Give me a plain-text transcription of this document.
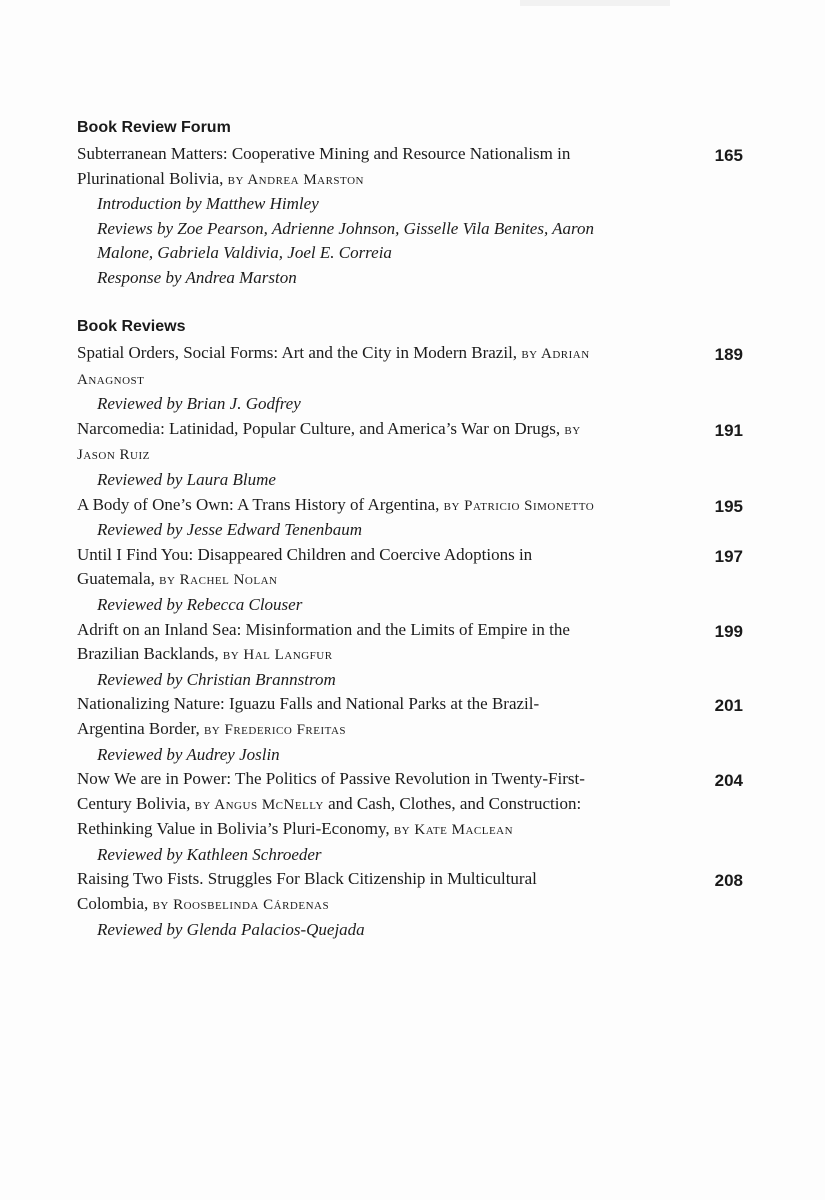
Book Review Forum
Subterranean Matters: Cooperative Mining and Resource Nationalism in Plurinational Bolivia, by Andrea Marston
Introduction by Matthew Himley
Reviews by Zoe Pearson, Adrienne Johnson, Gisselle Vila Benites, Aaron Malone, Gabriela Valdivia, Joel E. Correia
Response by Andrea Marston
165
Book Reviews
Spatial Orders, Social Forms: Art and the City in Modern Brazil, by Adrian Anagnost
Reviewed by Brian J. Godfrey
189
Narcomedia: Latinidad, Popular Culture, and America’s War on Drugs, by Jason Ruiz
Reviewed by Laura Blume
191
A Body of One’s Own: A Trans History of Argentina, by Patricio Simonetto
Reviewed by Jesse Edward Tenenbaum
195
Until I Find You: Disappeared Children and Coercive Adoptions in Guatemala, by Rachel Nolan
Reviewed by Rebecca Clouser
197
Adrift on an Inland Sea: Misinformation and the Limits of Empire in the Brazilian Backlands, by Hal Langfur
Reviewed by Christian Brannstrom
199
Nationalizing Nature: Iguazu Falls and National Parks at the Brazil-Argentina Border, by Frederico Freitas
Reviewed by Audrey Joslin
201
Now We are in Power: The Politics of Passive Revolution in Twenty-First-Century Bolivia, by Angus McNelly and Cash, Clothes, and Construction: Rethinking Value in Bolivia’s Pluri-Economy, by Kate Maclean
Reviewed by Kathleen Schroeder
204
Raising Two Fists. Struggles For Black Citizenship in Multicultural Colombia, by Roosbelinda Cárdenas
Reviewed by Glenda Palacios-Quejada
208
